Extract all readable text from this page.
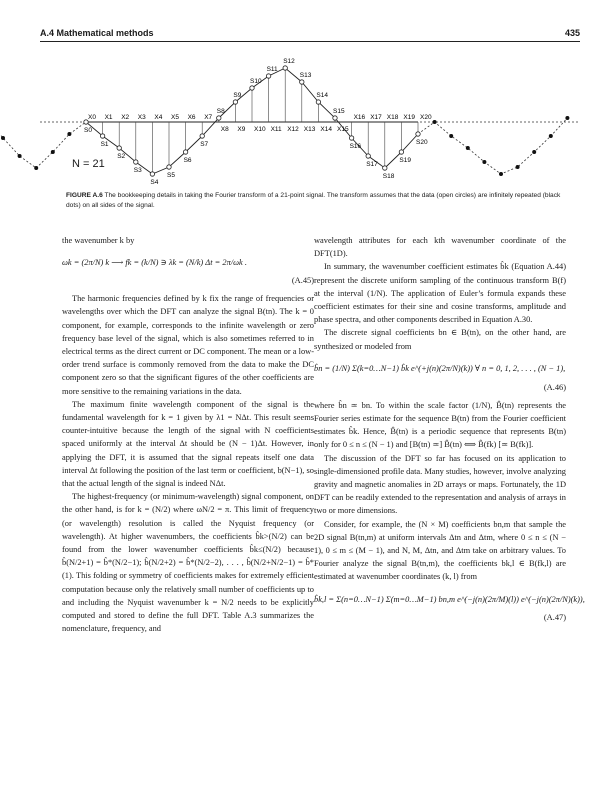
A.4 Mathematical methods	435
S0
X0
S1
X1
S2
X2
S3
X3
S4
X4
S5
X5
S6
X6
S7
X7
S8
X8
S9
X9
S10
X10
S11
X11
S12
X12
S13
X13
S14
X14
S15
X15
S16
X16
S17
X17
S18
X18
S19
X19
S20
X20
N = 21
FIGURE A.6 The bookkeeping details in taking the Fourier transform of a 21-point signal. The transform assumes that the data (open circles) are infinitely repeated (black dots) on all sides of the signal.

the wavenumber k by

ωk = (2π/N) k ⟶ fk = (k/N) ∋ λk = (N/k) Δt = 2π/ωk .
(A.45)

The harmonic frequencies defined by k fix the range of frequencies or wavelengths over which the DFT can analyze the signal B(tn). The k = 0 component, for example, corresponds to the infinite wavelength or zero frequency base level of the signal, which is also sometimes referred to in electrical terms as the direct current or DC component. The mean or a low-order trend surface is commonly removed from the data to make the DC component zero so that the significant figures of the other coefficients are more sensitive to the remaining variations in the data.

The maximum finite wavelength component of the signal is the fundamental wavelength for k = 1 given by λ1 = NΔt. This result seems counter-intuitive because the length of the signal with N coefficients spaced uniformly at the interval Δt should be (N − 1)Δt. However, in applying the DFT, it is assumed that the signal repeats itself one data interval Δt following the position of the last term or coefficient, b(N−1), so that the actual length of the signal is indeed NΔt.

The highest-frequency (or minimum-wavelength) signal component, on the other hand, is for k = (N/2) where ωN/2 = π. This limit of frequency (or wavelength) resolution is called the Nyquist frequency (or wavelength). At higher wavenumbers, the coefficients b̂k>(N/2) can be found from the lower wavenumber coefficients b̂k≤(N/2) because b̂(N/2+1) = b̂*(N/2−1); b̂(N/2+2) = b̂*(N/2−2), . . . , b̂(N/2+N/2−1) = b̂*(1). This folding or symmetry of coefficients makes for extremely efficient computation because only the relatively small number of coefficients up to and including the Nyquist wavenumber k = N/2 needs to be explicitly computed and stored to define the full DFT. Table A.3 summarizes the nomenclature, frequency, and

wavelength attributes for each kth wavenumber coordinate of the DFT(1D).

In summary, the wavenumber coefficient estimates b̂k (Equation A.44) represent the discrete uniform sampling of the continuous transform B(f) at the interval (1/N). The application of Euler’s formula expands these coefficient estimates for their sine and cosine transforms, amplitude and phase spectra, and other components described in Equation A.30.

The discrete signal coefficients bn ∈ B(tn), on the other hand, are synthesized or modeled from

b̂n = (1/N) Σ(k=0…N−1) b̂k e^(+j(n)(2π/N)(k)) ∀ n = 0, 1, 2, . . . , (N − 1),
(A.46)

where b̂n ≃ bn. To within the scale factor (1/N), B̂(tn) represents the Fourier series estimate for the sequence B(tn) from the Fourier coefficient estimates b̂k. Hence, B̂(tn) is a periodic sequence that represents B(tn) only for 0 ≤ n ≤ (N − 1) and [B(tn) ≃] B̂(tn) ⟺ B̂(fk) [≃ B(fk)].

The discussion of the DFT so far has focused on its application to single-dimensioned profile data. Many studies, however, involve analyzing gravity and magnetic anomalies in 2D arrays or maps. Fortunately, the 1D DFT can be readily extended to the representation and analysis of arrays in two or more dimensions.

Consider, for example, the (N × M) coefficients bn,m that sample the 2D signal B(tn,m) at uniform intervals Δtn and Δtm, where 0 ≤ n ≤ (N − 1), 0 ≤ m ≤ (M − 1), and N, M, Δtn, and Δtm take on arbitrary values. To Fourier analyze the signal B(tn,m), the coefficients bk,l ∈ B(fk,l) are estimated at wavenumber coordinates (k, l) from

b̂k,l = Σ(n=0…N−1) Σ(m=0…M−1) bn,m e^(−j(n)(2π/M)(l)) e^(−j(n)(2π/N)(k)),
(A.47)
